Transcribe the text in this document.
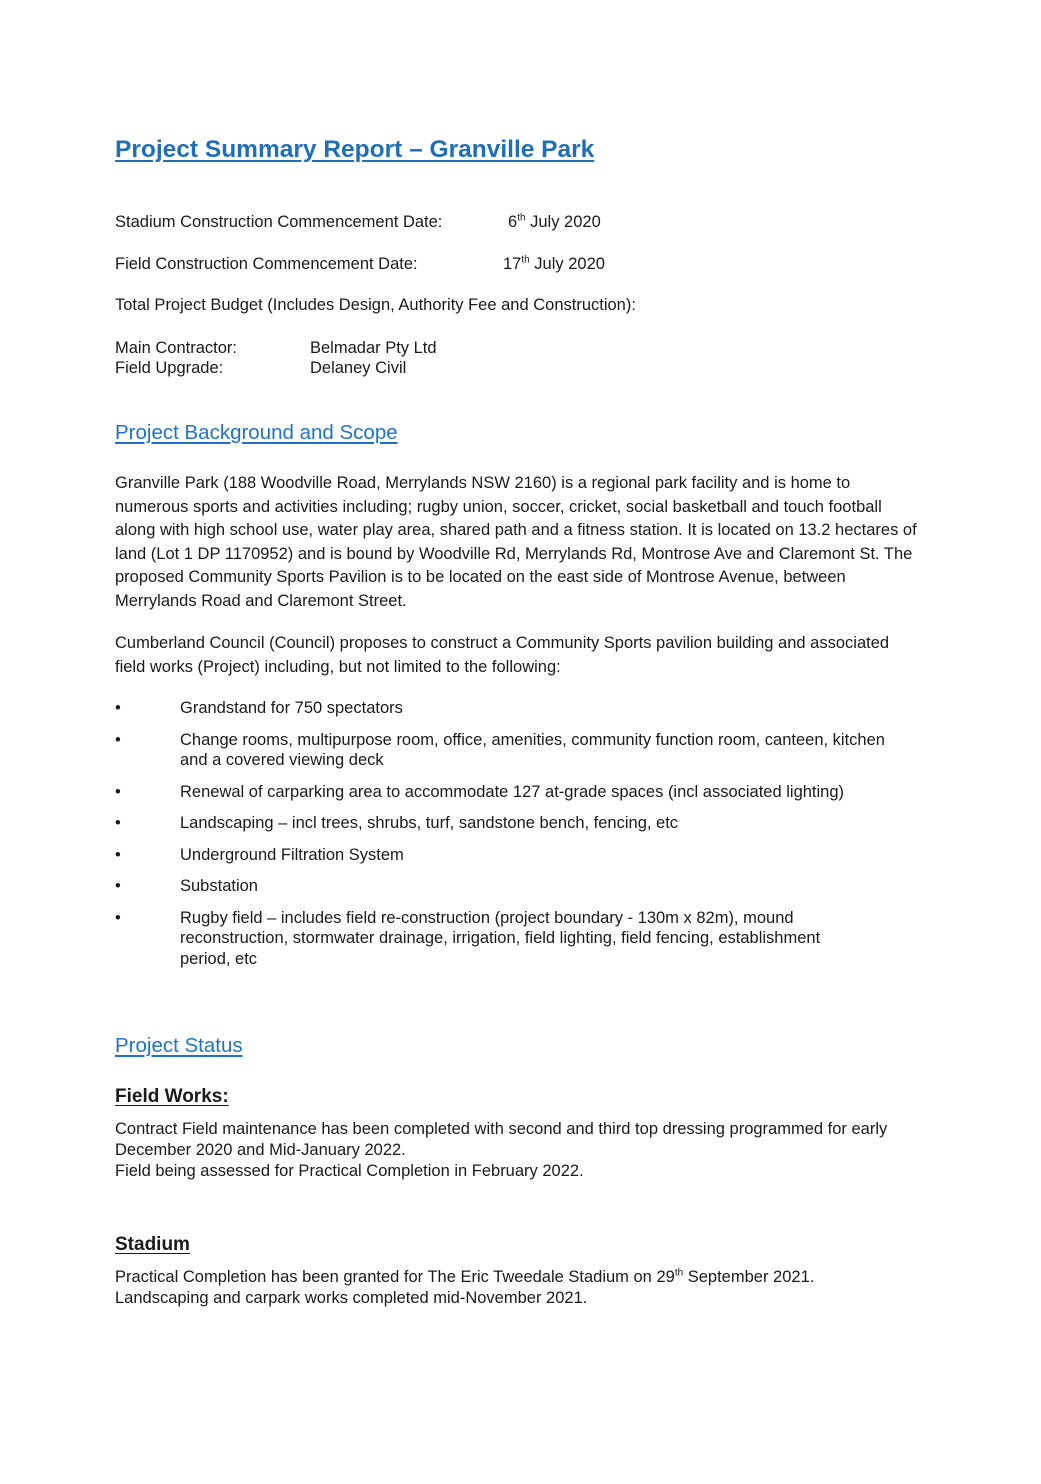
Project Summary Report – Granville Park
Stadium Construction Commencement Date:	6th July 2020
Field Construction Commencement Date:	17th July 2020
Total Project Budget (Includes Design, Authority Fee and Construction):
Main Contractor:	Belmadar Pty Ltd
Field Upgrade:	Delaney Civil
Project Background and Scope
Granville Park (188 Woodville Road, Merrylands NSW 2160) is a regional park facility and is home to numerous sports and activities including; rugby union, soccer, cricket, social basketball and touch football along with high school use, water play area, shared path and a fitness station. It is located on 13.2 hectares of land (Lot 1 DP 1170952) and is bound by Woodville Rd, Merrylands Rd, Montrose Ave and Claremont St. The proposed Community Sports Pavilion is to be located on the east side of Montrose Avenue, between Merrylands Road and Claremont Street.
Cumberland Council (Council) proposes to construct a Community Sports pavilion building and associated field works (Project) including, but not limited to the following:
•	Grandstand for 750 spectators
•	Change rooms, multipurpose room, office, amenities, community function room, canteen, kitchen and a covered viewing deck
•	Renewal of carparking area to accommodate 127 at-grade spaces (incl associated lighting)
•	Landscaping – incl trees, shrubs, turf, sandstone bench, fencing, etc
•	Underground Filtration System
•	Substation
•	Rugby field – includes field re-construction (project boundary - 130m x 82m), mound reconstruction, stormwater drainage, irrigation, field lighting, field fencing, establishment period, etc
Project Status
Field Works:
Contract Field maintenance has been completed with second and third top dressing programmed for early December 2020 and Mid-January 2022.
Field being assessed for Practical Completion in February 2022.
Stadium
Practical Completion has been granted for The Eric Tweedale Stadium on 29th September 2021.
Landscaping and carpark works completed mid-November 2021.
